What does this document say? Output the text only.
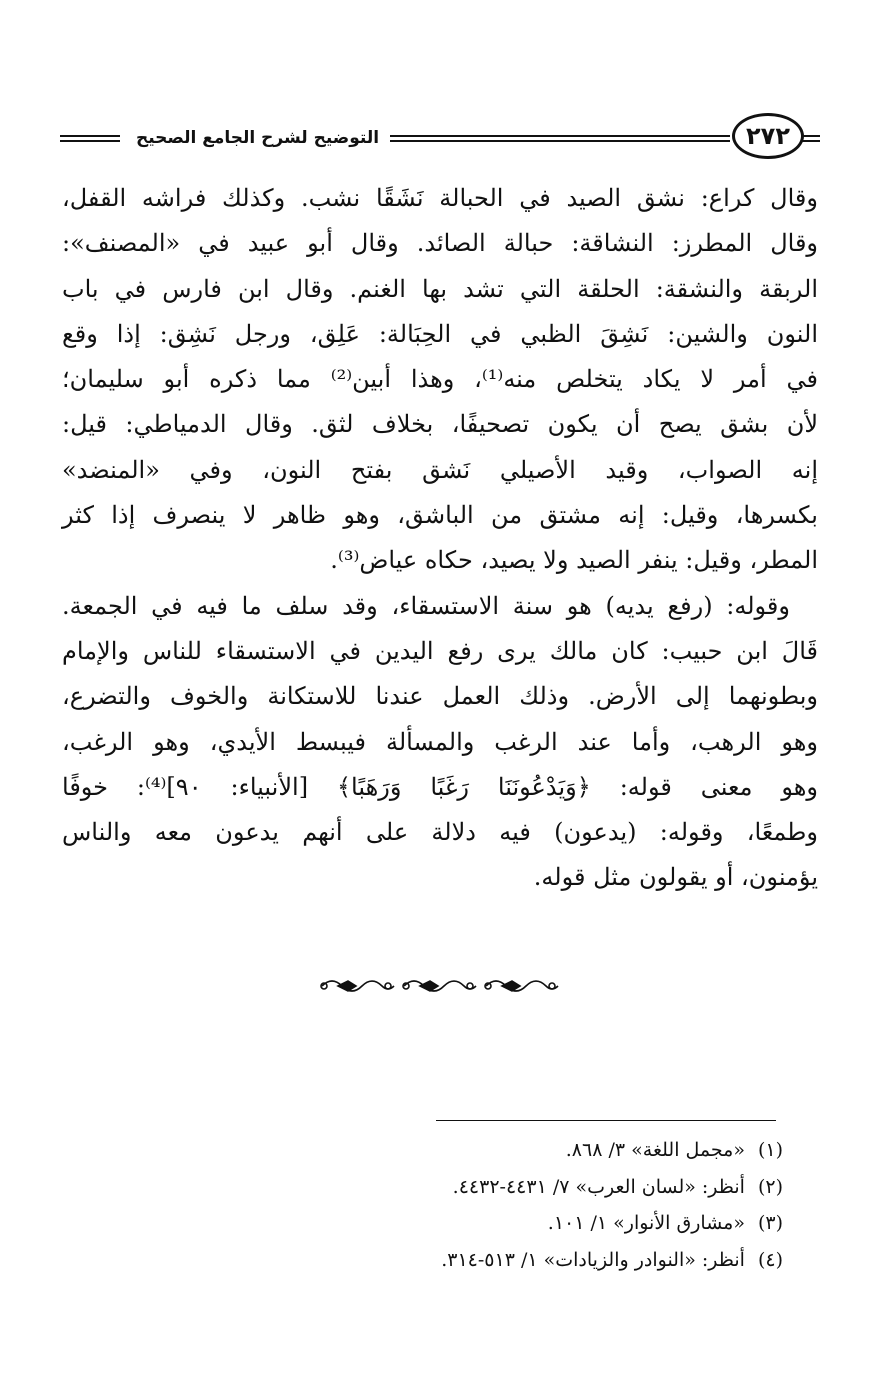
التوضيح لشرح الجامع الصحيح	٢٧٢

وقال كراع: نشق الصيد في الحبالة نَشَقًا نشب. وكذلك فراشه القفل،
وقال المطرز: النشاقة: حبالة الصائد. وقال أبو عبيد في «المصنف»:
الربقة والنشقة: الحلقة التي تشد بها الغنم. وقال ابن فارس في باب
النون والشين: نَشِقَ الظبي في الحِبَالة: عَلِق، ورجل نَشِق: إذا وقع
في أمر لا يكاد يتخلص منه⁽¹⁾، وهذا أبين⁽²⁾ مما ذكره أبو سليمان؛
لأن بشق يصح أن يكون تصحيفًا، بخلاف لثق. وقال الدمياطي: قيل:
إنه الصواب، وقيد الأصيلي نَشق بفتح النون، وفي «المنضد»
بكسرها، وقيل: إنه مشتق من الباشق، وهو ظاهر لا ينصرف إذا كثر
المطر، وقيل: ينفر الصيد ولا يصيد، حكاه عياض⁽³⁾.

وقوله: (رفع يديه) هو سنة الاستسقاء، وقد سلف ما فيه في الجمعة.
قَالَ ابن حبيب: كان مالك يرى رفع اليدين في الاستسقاء للناس والإمام
وبطونهما إلى الأرض. وذلك العمل عندنا للاستكانة والخوف والتضرع،
وهو الرهب، وأما عند الرغب والمسألة فيبسط الأيدي، وهو الرغب،
وهو معنى قوله: ﴿وَيَدْعُونَنَا رَغَبًا وَرَهَبًا﴾ [الأنبياء: ٩٠]⁽⁴⁾: خوفًا
وطمعًا، وقوله: (يدعون) فيه دلالة على أنهم يدعون معه والناس
يؤمنون، أو يقولون مثل قوله.

(١) «مجمل اللغة» ٣/ ٨٦٨.
(٢) أنظر: «لسان العرب» ٧/ ٤٤٣١-٤٤٣٢.
(٣) «مشارق الأنوار» ١/ ١٠١.
(٤) أنظر: «النوادر والزيادات» ١/ ٥١٣-٣١٤.
